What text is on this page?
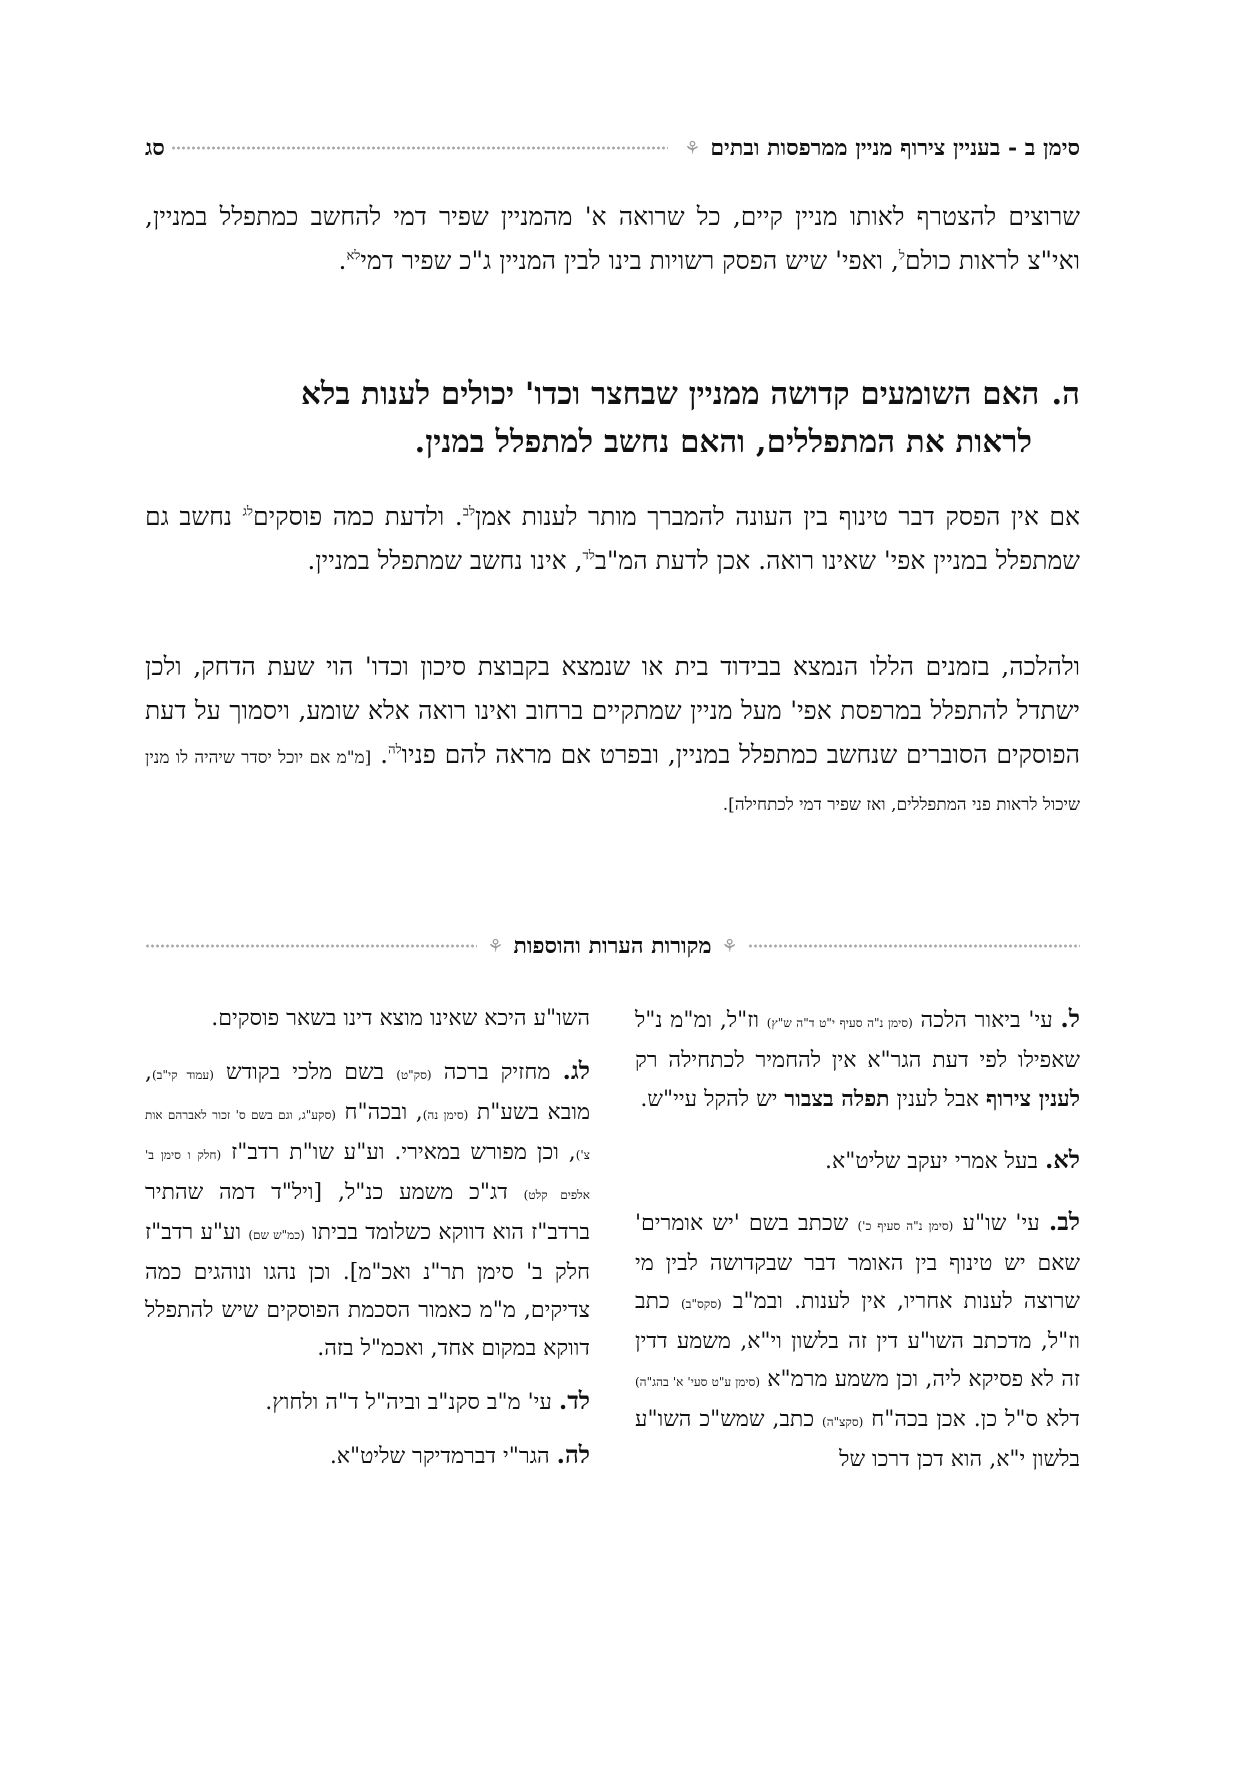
סימן ב - בעניין צירוף מניין ממרפסות ובתים
⚘
סג
שרוצים להצטרף לאותו מניין קיים, כל שרואה א' מהמניין שפיר דמי להחשב כמתפלל במניין, ואי"צ לראות כולם$^ל$, ואפי' שיש הפסק רשויות בינו לבין המניין ג"כ שפיר דמי$^{לא}$.
ה.האם השומעים קדושה ממניין שבחצר וכדו' יכולים לענות בלא
לראות את המתפללים, והאם נחשב למתפלל במנין.
אם אין הפסק דבר טינוף בין העונה להמברך מותר לענות אמן$^{לב}$. ולדעת כמה פוסקים$^{לג}$ נחשב גם שמתפלל במניין אפי' שאינו רואה. אכן לדעת המ"ב$^{לד}$, אינו נחשב שמתפלל במניין.
ולהלכה, בזמנים הללו הנמצא בבידוד בית או שנמצא בקבוצת סיכון וכדו' הוי שעת הדחק, ולכן ישתדל להתפלל במרפסת אפי' מעל מניין שמתקיים ברחוב ואינו רואה אלא שומע, ויסמוך על דעת הפוסקים הסוברים שנחשב כמתפלל במניין, ובפרט אם מראה להם פניו$^{לה}$. [מ"מ אם יוכל יסדר שיהיה לו מנין שיכול לראות פני המתפללים, ואז שפיר דמי לכתחילה].
⚘
מקורות הערות והוספות
⚘
ל. עי' ביאור הלכה (סימן נ"ה סעיף י"ט ד"ה ש"ץ) וז"ל, ומ"מ נ"ל שאפילו לפי דעת הגר"א אין להחמיר לכתחילה רק לענין צירוף אבל לענין תפלה בצבור יש להקל עיי"ש.
לא. בעל אמרי יעקב שליט"א.
לב. עי' שו"ע (סימן נ"ה סעיף כ') שכתב בשם 'יש אומרים' שאם יש טינוף בין האומר דבר שבקדושה לבין מי שרוצה לענות אחריו, אין לענות. ובמ"ב (סקס"ב) כתב וז"ל, מדכתב השו"ע דין זה בלשון וי"א, משמע דדין זה לא פסיקא ליה, וכן משמע מרמ"א (סימן ע"ט סעי' א' בהג"ה) דלא ס"ל כן. אכן בכה"ח (סקצ"ה) כתב, שמש"כ השו"ע בלשון י"א, הוא דכן דרכו של
השו"ע היכא שאינו מוצא דינו בשאר פוסקים.
לג. מחזיק ברכה (סק"ט) בשם מלכי בקודש (עמוד קי"ב), מובא בשע"ת (סימן נה), ובכה"ח (סקע"ג, וגם בשם ס' זכור לאברהם אות צ'), וכן מפורש במאירי. וע"ע שו"ת רדב"ז (חלק ו סימן ב' אלפים קלט) דג"כ משמע כנ"ל, [ויל"ד דמה שהתיר ברדב"ז הוא דווקא כשלומד בביתו (כמ"ש שם) וע"ע רדב"ז חלק ב' סימן תר"נ ואכ"מ]. וכן נהגו ונוהגים כמה צדיקים, מ"מ כאמור הסכמת הפוסקים שיש להתפלל דווקא במקום אחד, ואכמ"ל בזה.
לד. עי' מ"ב סקנ"ב וביה"ל ד"ה ולחוץ.
לה. הגר"י דברמדיקר שליט"א.
